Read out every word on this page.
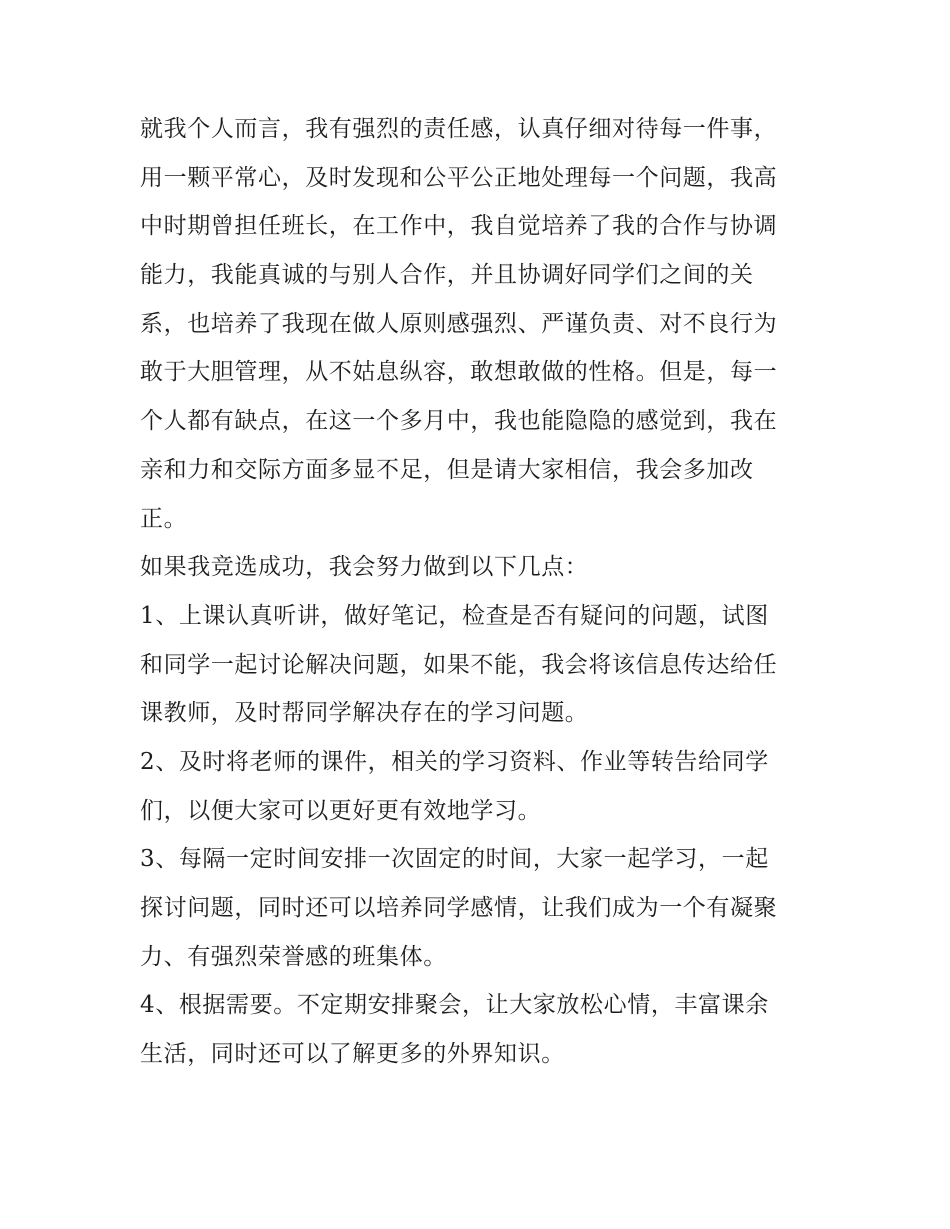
就我个人而言，我有强烈的责任感，认真仔细对待每一件事，
用一颗平常心，及时发现和公平公正地处理每一个问题，我高
中时期曾担任班长，在工作中，我自觉培养了我的合作与协调
能力，我能真诚的与别人合作，并且协调好同学们之间的关
系，也培养了我现在做人原则感强烈、严谨负责、对不良行为
敢于大胆管理，从不姑息纵容，敢想敢做的性格。但是，每一
个人都有缺点，在这一个多月中，我也能隐隐的感觉到，我在
亲和力和交际方面多显不足，但是请大家相信，我会多加改
正。
如果我竞选成功，我会努力做到以下几点：
1、上课认真听讲，做好笔记，检查是否有疑问的问题，试图
和同学一起讨论解决问题，如果不能，我会将该信息传达给任
课教师，及时帮同学解决存在的学习问题。
2、及时将老师的课件，相关的学习资料、作业等转告给同学
们，以便大家可以更好更有效地学习。
3、每隔一定时间安排一次固定的时间，大家一起学习，一起
探讨问题，同时还可以培养同学感情，让我们成为一个有凝聚
力、有强烈荣誉感的班集体。
4、根据需要。不定期安排聚会，让大家放松心情，丰富课余
生活，同时还可以了解更多的外界知识。
